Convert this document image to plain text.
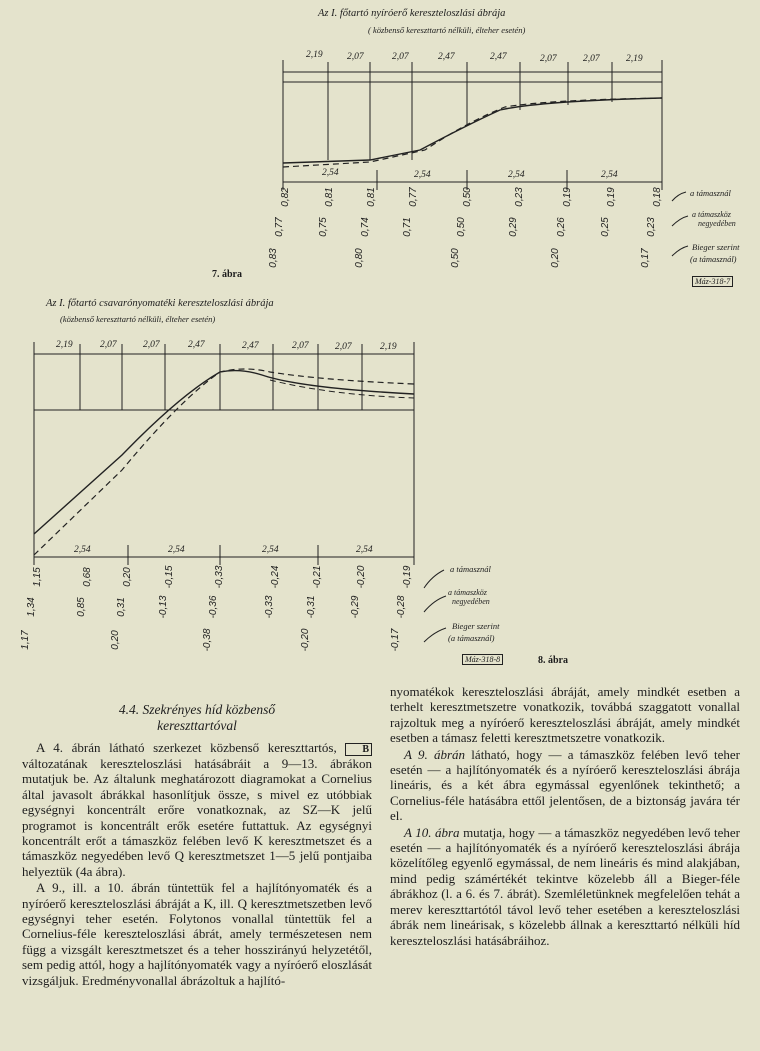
Az I. főtartó nyíróerő kereszteloszlási ábrája
( közbenső kereszttartó nélküli, élteher esetén)
2,19	2,07	2,07	2,47	2,47	2,07	2,07	2,19
2,54	2,54	2,54	2,54
0,82	0,81	0,81	0,77	0,50	0,23	0,19	0,19	0,18
0,77	0,75	0,74	0,71	0,50	0,29	0,26	0,25	0,23
0,83	0,80	0,50	0,20	0,17
a támasznál
a támaszköz
negyedében
Bieger szerint
(a támasznál)
Máz-318-7
7. ábra
Az I. főtartó csavarónyomatéki kereszteloszlási ábrája
(közbenső kereszttartó nélküli, élteher esetén)
2,19	2,07	2,07	2,47	2,47	2,07	2,07	2,19
2,54	2,54	2,54	2,54
1,15	0,68	0,20	-0,15	-0,33	-0,24	-0,21	-0,20	-0,19
1,34	0,85	0,31	-0,13	-0,36	-0,33	-0,31	-0,29	-0,28
1,17	0,20	-0,38	-0,20	-0,17
a támasznál
a támaszköz
negyedében
Bieger szerint
(a támasznál)
Máz-318-8	8. ábra
4.4. Szekrényes híd közbenső
kereszttartóval

A 4. ábrán látható szerkezet közbenső kereszttartós,	B változatának kereszteloszlási hatásábráit a 9—13. ábrákon mutatjuk be. Az általunk meghatározott diagramokat a Cornelius által javasolt ábrákkal hasonlítjuk össze, s mivel ez utóbbiak egységnyi koncentrált erőre vonatkoznak, az SZ—K jelű programot is koncentrált erők esetére futtattuk. Az egységnyi koncentrált erőt a támaszköz felében levő K keresztmetszet és a támaszköz negyedében levő Q keresztmetszet 1—5 jelű pontjaiba helyeztük (4a ábra).

A 9., ill. a 10. ábrán tüntettük fel a hajlítónyomaték és a nyíróerő kereszteloszlási ábráját a K, ill. Q keresztmetszetben levő egységnyi teher esetén. Folytonos vonallal tüntettük fel a Cornelius-féle kereszteloszlási ábrát, amely természetesen nem függ a vizsgált keresztmetszet és a teher hosszirányú helyzetétől, sem pedig attól, hogy a hajlítónyomaték vagy a nyíróerő eloszlását vizsgáljuk. Eredményvonallal ábrázoltuk a hajlító-

nyomatékok kereszteloszlási ábráját, amely mindkét esetben a terhelt keresztmetszetre vonatkozik, továbbá szaggatott vonallal rajzoltuk meg a nyíróerő kereszteloszlási ábráját, amely mindkét esetben a támasz feletti keresztmetszetre vonatkozik.

A 9. ábrán látható, hogy — a támaszköz felében levő teher esetén — a hajlítónyomaték és a nyíróerő kereszteloszlási ábrája lineáris, és a két ábra egymással egyenlőnek tekinthető; a Cornelius-féle hatásábra ettől jelentősen, de a biztonság javára tér el.

A 10. ábra mutatja, hogy — a támaszköz negyedében levő teher esetén — a hajlítónyomaték és a nyíróerő kereszteloszlási ábrája közelítőleg egyenlő egymással, de nem lineáris és mind alakjában, mind pedig számértékét tekintve közelebb áll a Bieger-féle ábrákhoz (l. a 6. és 7. ábrát). Szemléletünknek megfelelően tehát a merev kereszttartótól távol levő teher esetében a kereszteloszlási ábrák nem lineárisak, s közelebb állnak a kereszttartó nélküli híd kereszteloszlási hatásábráihoz.
